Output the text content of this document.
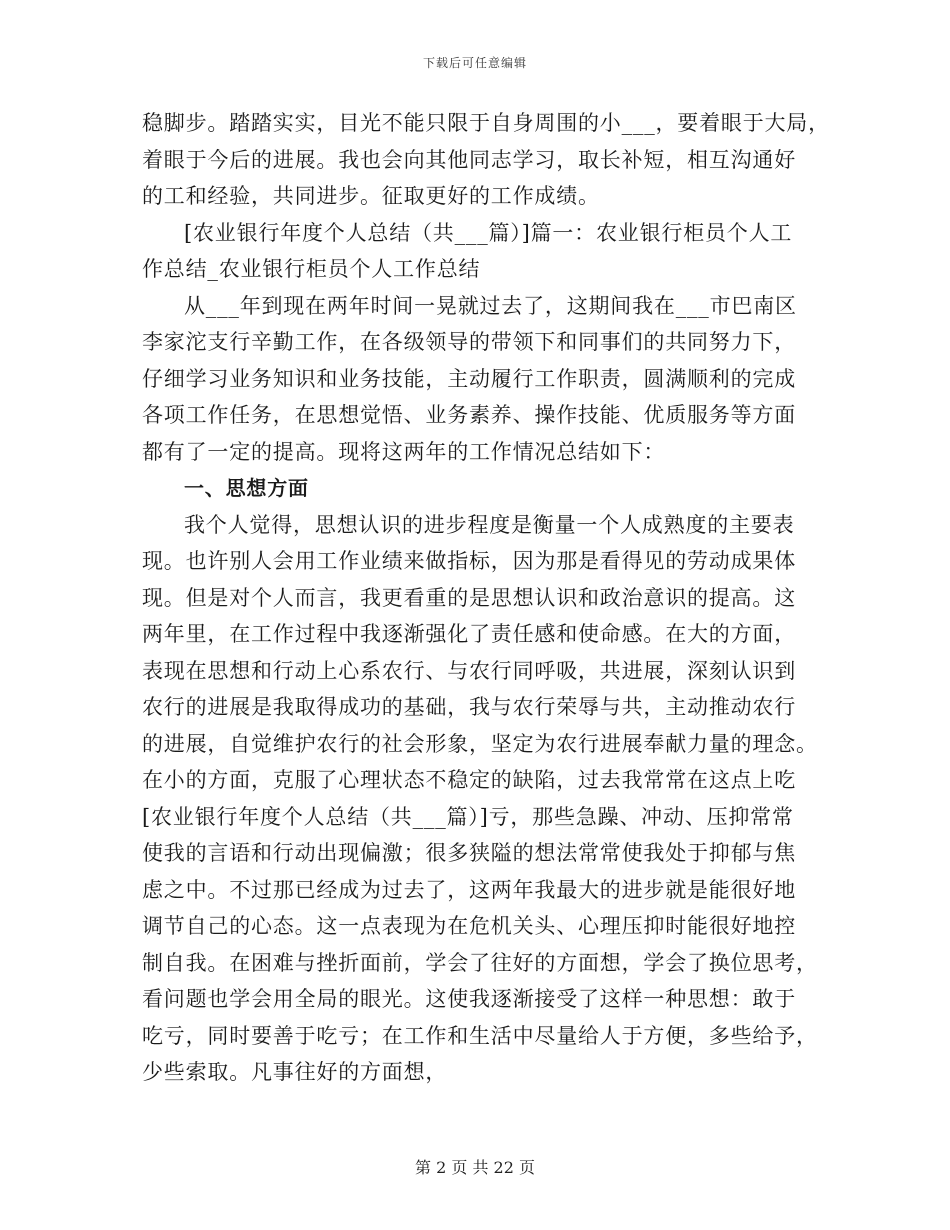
下载后可任意编辑
稳脚步。踏踏实实，目光不能只限于自身周围的小___，要着眼于大局，
着眼于今后的进展。我也会向其他同志学习，取长补短，相互沟通好
的工和经验，共同进步。征取更好的工作成绩。
[农业银行年度个人总结（共___篇）]篇一：农业银行柜员个人工
作总结_农业银行柜员个人工作总结
从___年到现在两年时间一晃就过去了，这期间我在___市巴南区
李家沱支行辛勤工作，在各级领导的带领下和同事们的共同努力下，
仔细学习业务知识和业务技能，主动履行工作职责，圆满顺利的完成
各项工作任务，在思想觉悟、业务素养、操作技能、优质服务等方面
都有了一定的提高。现将这两年的工作情况总结如下：
一、思想方面
我个人觉得，思想认识的进步程度是衡量一个人成熟度的主要表
现。也许别人会用工作业绩来做指标，因为那是看得见的劳动成果体
现。但是对个人而言，我更看重的是思想认识和政治意识的提高。这
两年里，在工作过程中我逐渐强化了责任感和使命感。在大的方面，
表现在思想和行动上心系农行、与农行同呼吸，共进展，深刻认识到
农行的进展是我取得成功的基础，我与农行荣辱与共，主动推动农行
的进展，自觉维护农行的社会形象，坚定为农行进展奉献力量的理念。
在小的方面，克服了心理状态不稳定的缺陷，过去我常常在这点上吃
[农业银行年度个人总结（共___篇）]亏，那些急躁、冲动、压抑常常
使我的言语和行动出现偏激；很多狭隘的想法常常使我处于抑郁与焦
虑之中。不过那已经成为过去了，这两年我最大的进步就是能很好地
调节自己的心态。这一点表现为在危机关头、心理压抑时能很好地控
制自我。在困难与挫折面前，学会了往好的方面想，学会了换位思考，
看问题也学会用全局的眼光。这使我逐渐接受了这样一种思想：敢于
吃亏，同时要善于吃亏；在工作和生活中尽量给人于方便，多些给予，
少些索取。凡事往好的方面想，
第 2 页 共 22 页
